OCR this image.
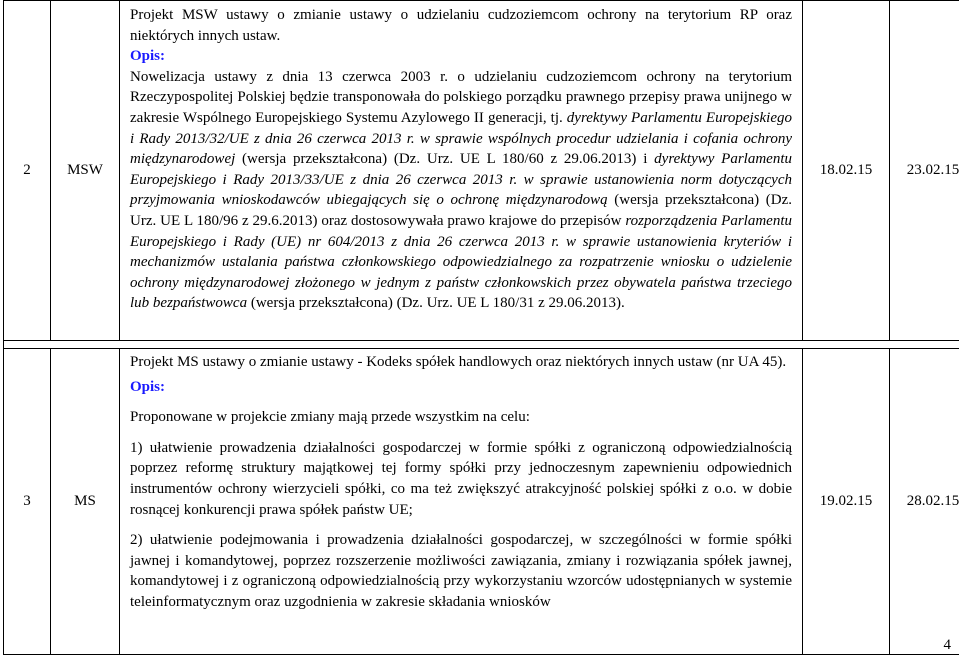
2	MSW	Projekt MSW ustawy o zmianie ustawy o udzielaniu cudzoziemcom ochrony na terytorium RP oraz niektórych innych ustaw.
Opis:
Nowelizacja ustawy z dnia 13 czerwca 2003 r. o udzielaniu cudzoziemcom ochrony na terytorium Rzeczypospolitej Polskiej będzie transponowała do polskiego porządku prawnego przepisy prawa unijnego w zakresie Wspólnego Europejskiego Systemu Azylowego II generacji, tj. dyrektywy Parlamentu Europejskiego i Rady 2013/32/UE z dnia 26 czerwca 2013 r. w sprawie wspólnych procedur udzielania i cofania ochrony międzynarodowej (wersja przekształcona) (Dz. Urz. UE L 180/60 z 29.06.2013) i dyrektywy Parlamentu Europejskiego i Rady 2013/33/UE z dnia 26 czerwca 2013 r. w sprawie ustanowienia norm dotyczących przyjmowania wnioskodawców ubiegających się o ochronę międzynarodową (wersja przekształcona) (Dz. Urz. UE L 180/96 z 29.6.2013) oraz dostosowywała prawo krajowe do przepisów rozporządzenia Parlamentu Europejskiego i Rady (UE) nr 604/2013 z dnia 26 czerwca 2013 r. w sprawie ustanowienia kryteriów i mechanizmów ustalania państwa członkowskiego odpowiedzialnego za rozpatrzenie wniosku o udzielenie ochrony międzynarodowej złożonego w jednym z państw członkowskich przez obywatela państwa trzeciego lub bezpaństwowca (wersja przekształcona) (Dz. Urz. UE L 180/31 z 29.06.2013).	18.02.15	23.02.15

3	MS	Projekt MS ustawy o zmianie ustawy - Kodeks spółek handlowych oraz niektórych innych ustaw (nr UA 45).
Opis:
Proponowane w projekcie zmiany mają przede wszystkim na celu:
1) ułatwienie prowadzenia działalności gospodarczej w formie spółki z ograniczoną odpowiedzialnością poprzez reformę struktury majątkowej tej formy spółki przy jednoczesnym zapewnieniu odpowiednich instrumentów ochrony wierzycieli spółki, co ma też zwiększyć atrakcyjność polskiej spółki z o.o. w dobie rosnącej konkurencji prawa spółek państw UE;
2) ułatwienie podejmowania i prowadzenia działalności gospodarczej, w szczególności w formie spółki jawnej i komandytowej, poprzez rozszerzenie możliwości zawiązania, zmiany i rozwiązania spółek jawnej, komandytowej i z ograniczoną odpowiedzialnością przy wykorzystaniu wzorców udostępnianych w systemie teleinformatycznym oraz uzgodnienia w zakresie składania wniosków	19.02.15	28.02.15
4
